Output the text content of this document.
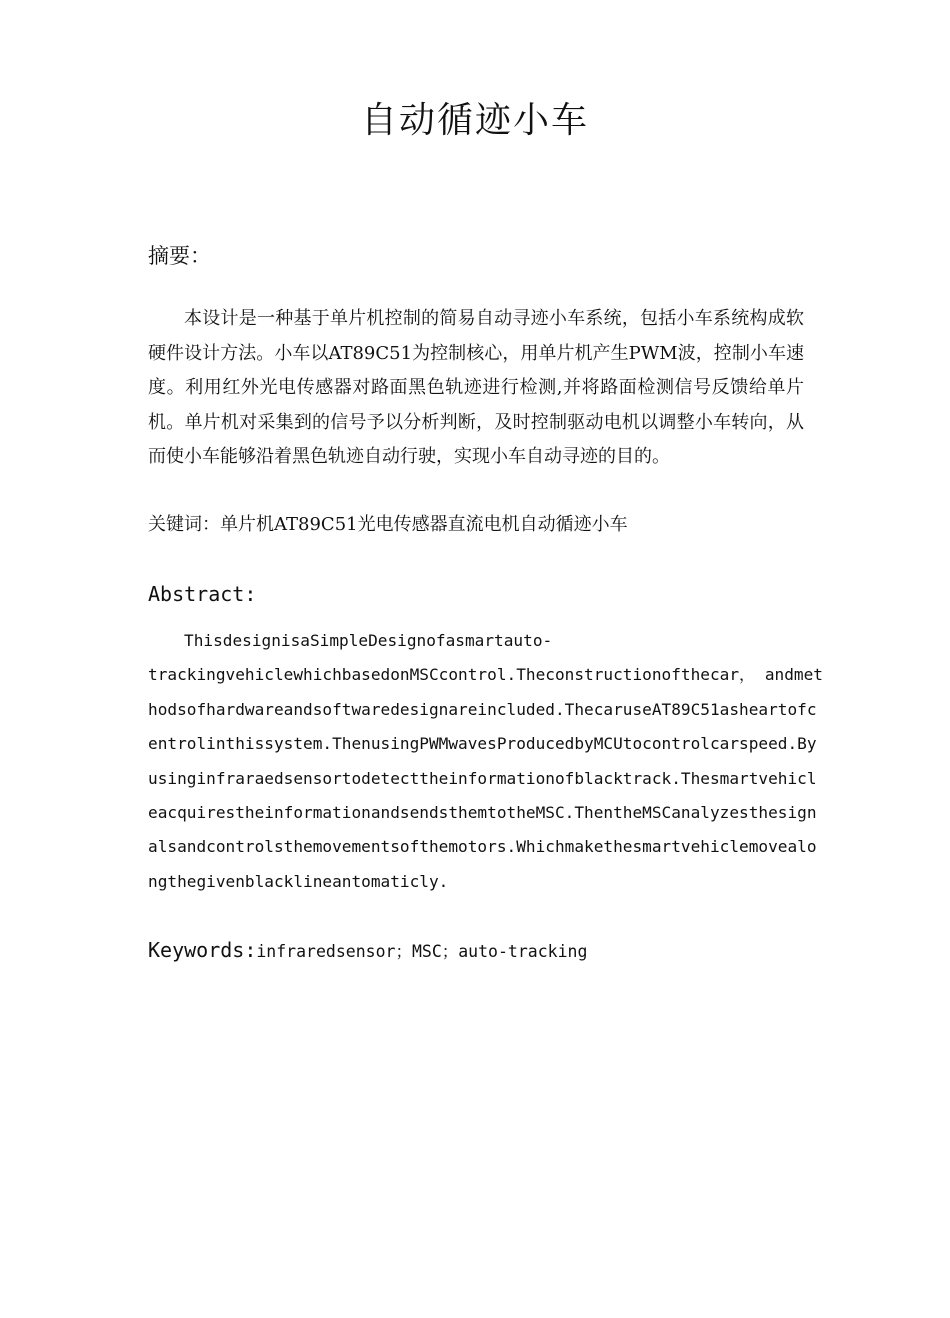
自动循迹小车
摘要：

本设计是一种基于单片机控制的简易自动寻迹小车系统，包括小车系统构成软硬件设计方法。小车以AT89C51为控制核心，用单片机产生PWM波，控制小车速度。利用红外光电传感器对路面黑色轨迹进行检测,并将路面检测信号反馈给单片机。单片机对采集到的信号予以分析判断，及时控制驱动电机以调整小车转向，从而使小车能够沿着黑色轨迹自动行驶，实现小车自动寻迹的目的。

关键词：单片机AT89C51光电传感器直流电机自动循迹小车
Abstract:
ThisdesignisaSimpleDesignofasmartauto-
trackingvehiclewhichbasedonMSCcontrol.Theconstructionofthecar， andmet
hodsofhardwareandsoftwaredesignareincluded.ThecaruseAT89C51asheartofc
entrolinthissystem.ThenusingPWMwavesProducedbyMCUtocontrolcarspeed.By
usinginfraraedsensortodetecttheinformationofblacktrack.Thesmartvehicl
eacquirestheinformationandsendsthemtotheMSC.ThentheMSCanalyzesthesign
alsandcontrolsthemovementsofthemotors.Whichmakethesmartvehiclemovealo
ngthegivenblacklineantomaticly.
Keywords:infraredsensor；MSC；auto-tracking
